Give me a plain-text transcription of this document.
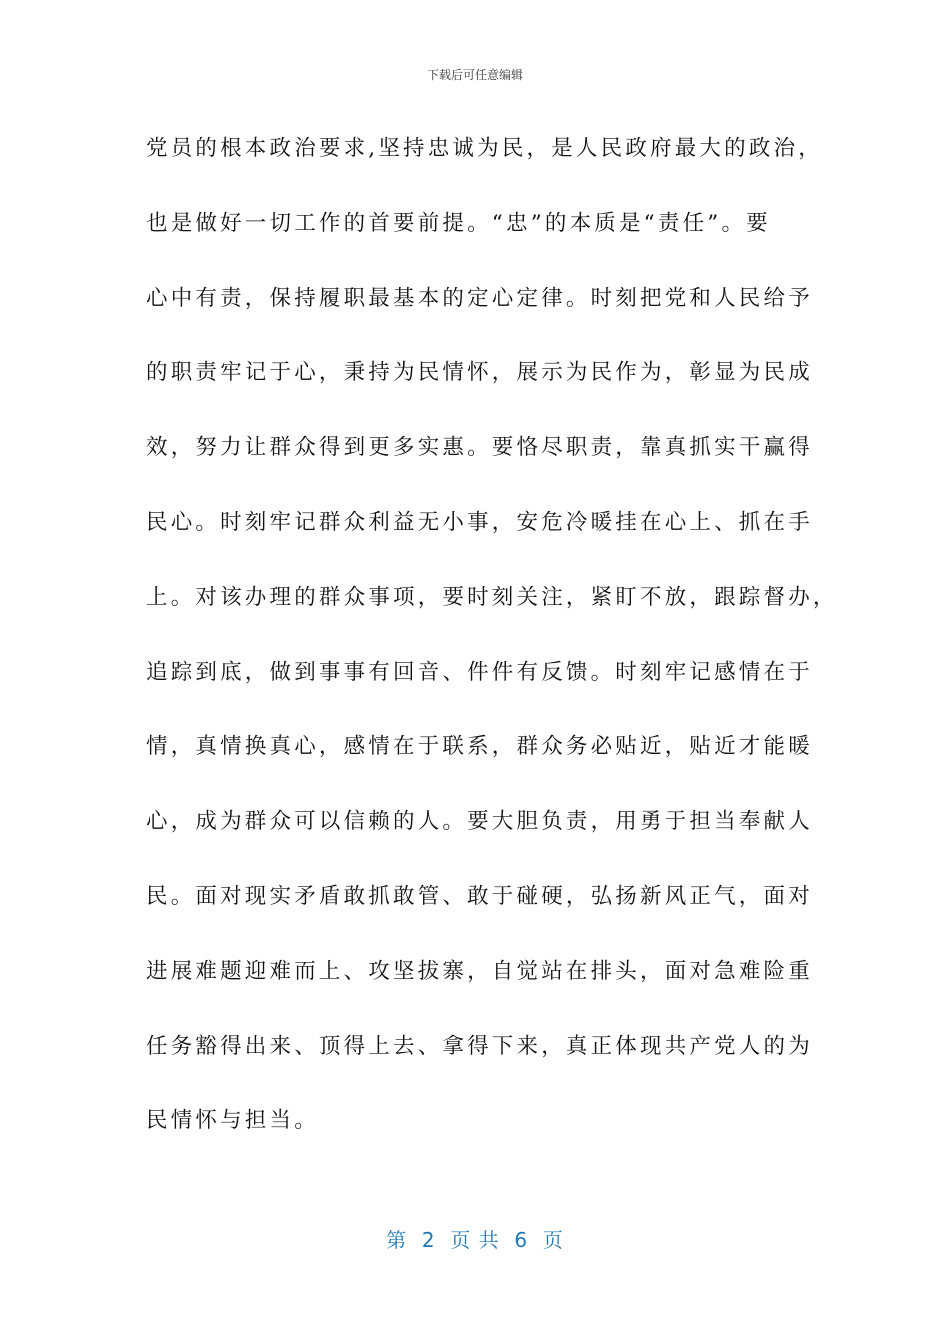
下载后可任意编辑
党员的根本政治要求,坚持忠诚为民，是人民政府最大的政治，
也是做好一切工作的首要前提。“忠”的本质是“责任”。要
心中有责，保持履职最基本的定心定律。时刻把党和人民给予
的职责牢记于心，秉持为民情怀，展示为民作为，彰显为民成
效，努力让群众得到更多实惠。要恪尽职责，靠真抓实干赢得
民心。时刻牢记群众利益无小事，安危冷暖挂在心上、抓在手
上。对该办理的群众事项，要时刻关注，紧盯不放，跟踪督办，
追踪到底，做到事事有回音、件件有反馈。时刻牢记感情在于
情，真情换真心，感情在于联系，群众务必贴近，贴近才能暖
心，成为群众可以信赖的人。要大胆负责，用勇于担当奉献人
民。面对现实矛盾敢抓敢管、敢于碰硬，弘扬新风正气，面对
进展难题迎难而上、攻坚拔寨，自觉站在排头，面对急难险重
任务豁得出来、顶得上去、拿得下来，真正体现共产党人的为
民情怀与担当。
第  2  页 共  6  页
